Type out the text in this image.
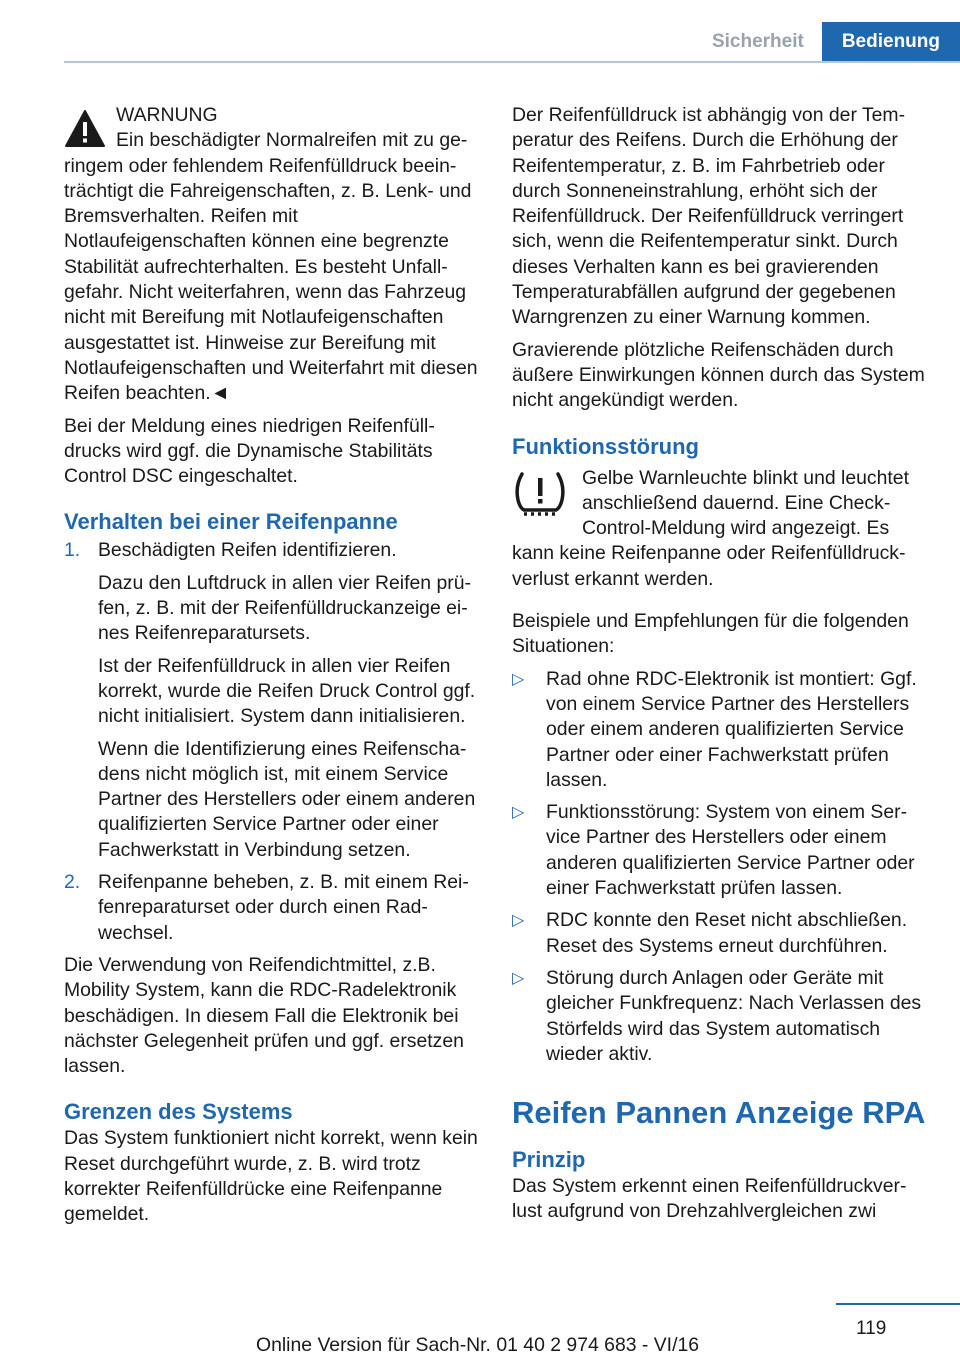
Sicherheit	Bedienung
WARNUNG
Ein beschädigter Normalreifen mit zu geringem oder fehlendem Reifenfülldruck beeinträchtigt die Fahreigenschaften, z. B. Lenk- und Bremsverhalten. Reifen mit Notlaufeigenschaften können eine begrenzte Stabilität aufrechterhalten. Es besteht Unfallgefahr. Nicht weiterfahren, wenn das Fahrzeug nicht mit Bereifung mit Notlaufeigenschaften ausgestattet ist. Hinweise zur Bereifung mit Notlaufeigenschaften und Weiterfahrt mit diesen Reifen beachten.◄

Bei der Meldung eines niedrigen Reifenfülldrucks wird ggf. die Dynamische Stabilitäts Control DSC eingeschaltet.

Verhalten bei einer Reifenpanne
1. Beschädigten Reifen identifizieren.

Dazu den Luftdruck in allen vier Reifen prüfen, z. B. mit der Reifenfülldruckanzeige eines Reifenreparatursets.

Ist der Reifenfülldruck in allen vier Reifen korrekt, wurde die Reifen Druck Control ggf. nicht initialisiert. System dann initialisieren.

Wenn die Identifizierung eines Reifenschadens nicht möglich ist, mit einem Service Partner des Herstellers oder einem anderen qualifizierten Service Partner oder einer Fachwerkstatt in Verbindung setzen.

2. Reifenpanne beheben, z. B. mit einem Reifenreparaturset oder durch einen Radwechsel.

Die Verwendung von Reifendichtmittel, z.B. Mobility System, kann die RDC-Radelektronik beschädigen. In diesem Fall die Elektronik bei nächster Gelegenheit prüfen und ggf. ersetzen lassen.

Grenzen des Systems

Das System funktioniert nicht korrekt, wenn kein Reset durchgeführt wurde, z. B. wird trotz korrekter Reifenfülldrücke eine Reifenpanne gemeldet.

Der Reifenfülldruck ist abhängig von der Temperatur des Reifens. Durch die Erhöhung der Reifentemperatur, z. B. im Fahrbetrieb oder durch Sonneneinstrahlung, erhöht sich der Reifenfülldruck. Der Reifenfülldruck verringert sich, wenn die Reifentemperatur sinkt. Durch dieses Verhalten kann es bei gravierenden Temperaturabfällen aufgrund der gegebenen Warngrenzen zu einer Warnung kommen.

Gravierende plötzliche Reifenschäden durch äußere Einwirkungen können durch das System nicht angekündigt werden.

Funktionsstörung
Gelbe Warnleuchte blinkt und leuchtet anschließend dauernd. Eine Check-Control-Meldung wird angezeigt. Es kann keine Reifenpanne oder Reifenfülldruckverlust erkannt werden.

Beispiele und Empfehlungen für die folgenden Situationen:

▷ Rad ohne RDC-Elektronik ist montiert: Ggf. von einem Service Partner des Herstellers oder einem anderen qualifizierten Service Partner oder einer Fachwerkstatt prüfen lassen.
▷ Funktionsstörung: System von einem Service Partner des Herstellers oder einem anderen qualifizierten Service Partner oder einer Fachwerkstatt prüfen lassen.
▷ RDC konnte den Reset nicht abschließen. Reset des Systems erneut durchführen.
▷ Störung durch Anlagen oder Geräte mit gleicher Funkfrequenz: Nach Verlassen des Störfelds wird das System automatisch wieder aktiv.
Reifen Pannen Anzeige RPA
Prinzip

Das System erkennt einen Reifenfülldruckverlust aufgrund von Drehzahlvergleichen zwi

119
Online Version für Sach-Nr. 01 40 2 974 683 - VI/16
